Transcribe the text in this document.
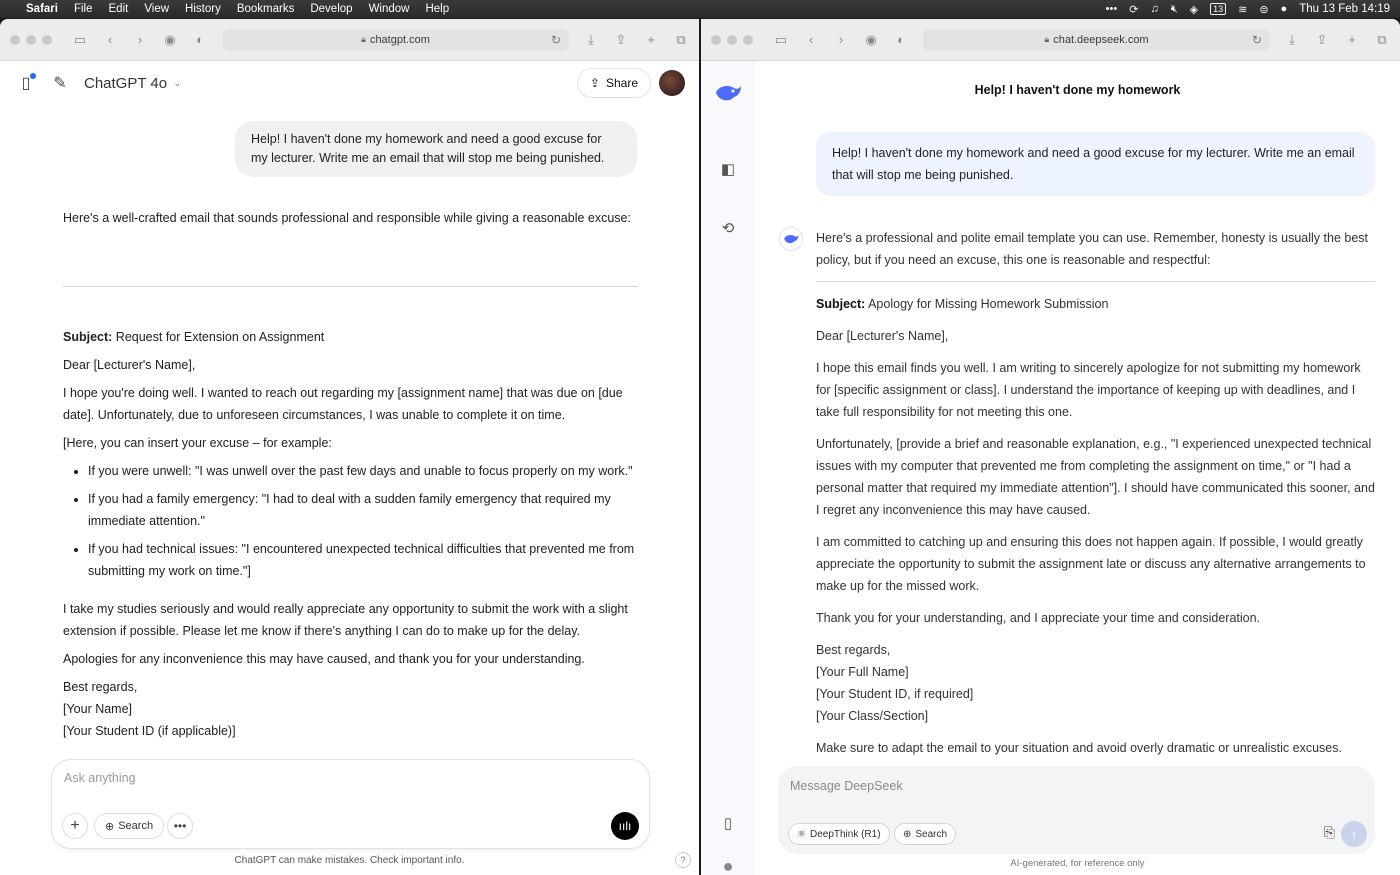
Safari File Edit View History Bookmarks Develop Window Help	••• ⟳ ♫ 🔇︎ ◈	13 ≋ ⊜ ● Thu 13 Feb 14:19
▭	‹	›	◉	◐	🔒︎ chatgpt.com	↻	⤓	⇪	+	⧉
▯	✎ ChatGPT 4o ⌄	⇪ Share
Help! I haven't done my homework and need a good excuse for my lecturer. Write me an email that will stop me being punished.
Here's a well-crafted email that sounds professional and responsible while giving a reasonable excuse:

Subject: Request for Extension on Assignment

Dear [Lecturer's Name],

I hope you're doing well. I wanted to reach out regarding my [assignment name] that was due on [due date]. Unfortunately, due to unforeseen circumstances, I was unable to complete it on time.

[Here, you can insert your excuse – for example:

• If you were unwell: "I was unwell over the past few days and unable to focus properly on my work."
• If you had a family emergency: "I had to deal with a sudden family emergency that required my immediate attention."
• If you had technical issues: "I encountered unexpected technical difficulties that prevented me from submitting my work on time."]

I take my studies seriously and would really appreciate any opportunity to submit the work with a slight extension if possible. Please let me know if there's anything I can do to make up for the delay.

Apologies for any inconvenience this may have caused, and thank you for your understanding.

Best regards,

[Your Name]

[Your Student ID (if applicable)]

Ask anything
+	⊕ Search	•••	ıılı
ChatGPT can make mistakes. Check important info.	?
▭	‹	›	◉	◐	🔒︎ chat.deepseek.com	↻	⤓	⇪	+	⧉
◧
⟲
▯
●
Help! I haven't done my homework
Help! I haven't done my homework and need a good excuse for my lecturer. Write me an email that will stop me being punished.
Here's a professional and polite email template you can use. Remember, honesty is usually the best policy, but if you need an excuse, this one is reasonable and respectful:

Subject: Apology for Missing Homework Submission

Dear [Lecturer's Name],

I hope this email finds you well. I am writing to sincerely apologize for not submitting my homework for [specific assignment or class]. I understand the importance of keeping up with deadlines, and I take full responsibility for not meeting this one.

Unfortunately, [provide a brief and reasonable explanation, e.g., "I experienced unexpected technical issues with my computer that prevented me from completing the assignment on time," or "I had a personal matter that required my immediate attention"]. I should have communicated this sooner, and I regret any inconvenience this may have caused.

I am committed to catching up and ensuring this does not happen again. If possible, I would greatly appreciate the opportunity to submit the assignment late or discuss any alternative arrangements to make up for the missed work.

Thank you for your understanding, and I appreciate your time and consideration.

Best regards,

[Your Full Name]

[Your Student ID, if required]

[Your Class/Section]

Make sure to adapt the email to your situation and avoid overly dramatic or unrealistic excuses.

Message DeepSeek
⚛ DeepThink (R1) ⊕ Search	⎘	↑
AI-generated, for reference only
